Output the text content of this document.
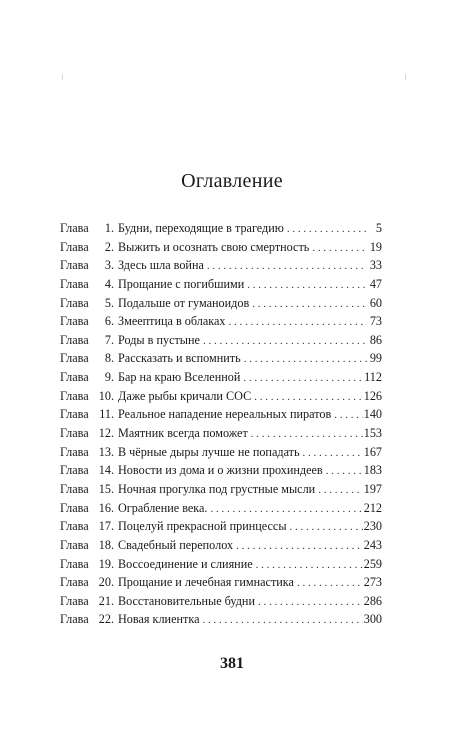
Оглавление
Глава	1. Будни, переходящие в трагедию . . .	5
Глава	2. Выжить и осознать свою смертность . . .	19
Глава	3. Здесь шла война . . .	33
Глава	4. Прощание с погибшими . . .	47
Глава	5. Подальше от гуманоидов . . .	60
Глава	6. Змеептица в облаках . . .	73
Глава	7. Роды в пустыне . . .	86
Глава	8. Рассказать и вспомнить . . .	99
Глава	9. Бар на краю Вселенной . . .	112
Глава 10. Даже рыбы кричали СОС . . .	126
Глава 11. Реальное нападение нереальных пиратов . . .	140
Глава 12. Маятник всегда поможет . . .	153
Глава 13. В чёрные дыры лучше не попадать . . .	167
Глава 14. Новости из дома и о жизни прохиндеев . . .	183
Глава 15. Ночная прогулка под грустные мысли . . .	197
Глава 16. Ограбление века. . . .	212
Глава 17. Поцелуй прекрасной принцессы . . .	230
Глава 18. Свадебный переполох . . .	243
Глава 19. Воссоединение и слияние . . .	259
Глава 20. Прощание и лечебная гимнастика . . .	273
Глава 21. Восстановительные будни . . .	286
Глава 22. Новая клиентка . . .	300
381
